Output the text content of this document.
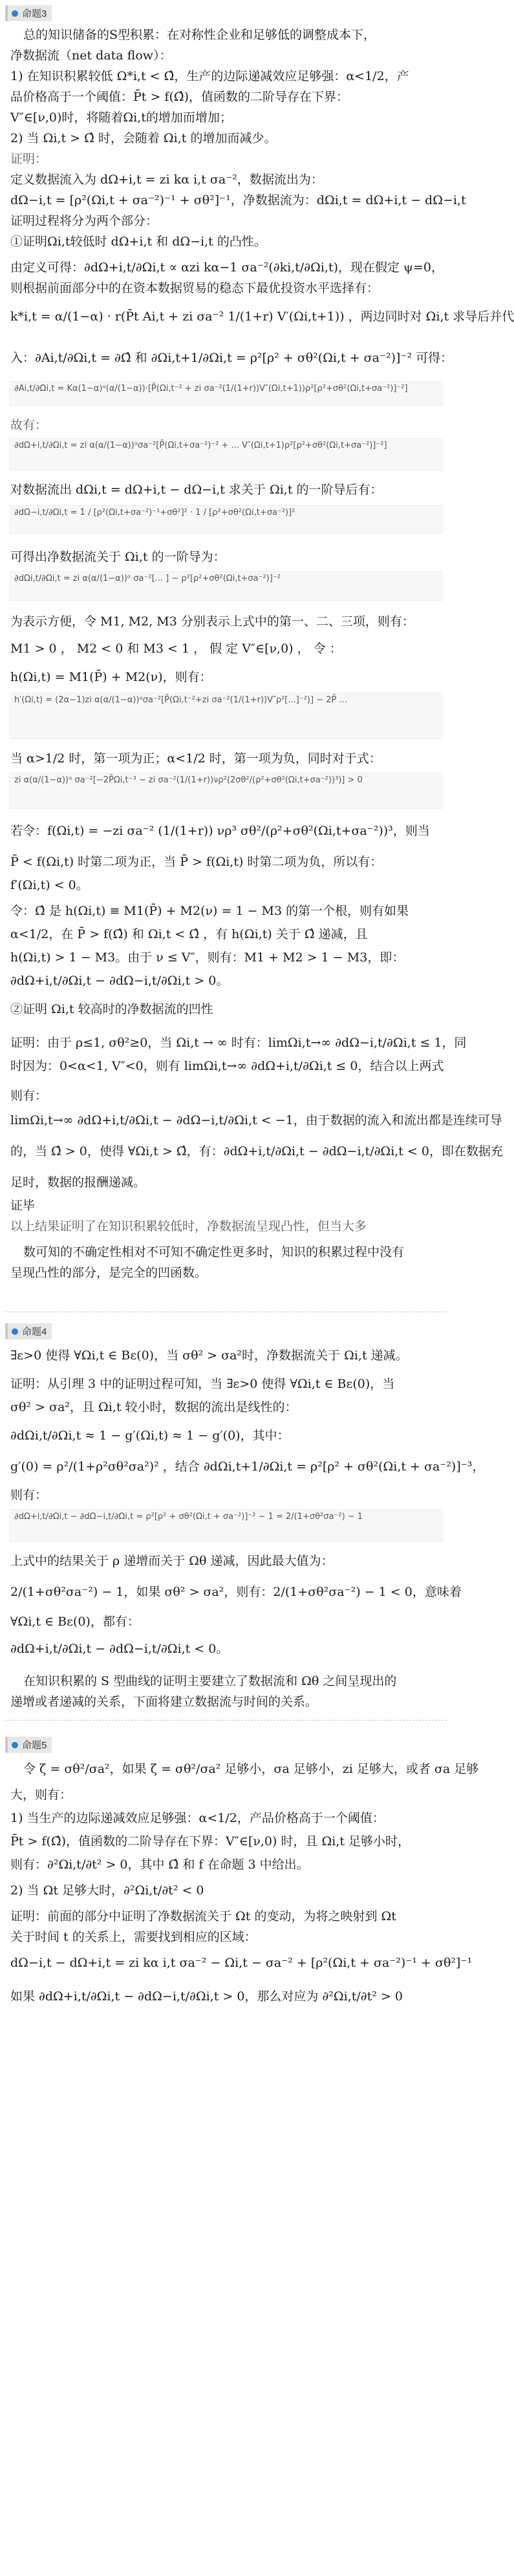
命题3
总的知识储备的S型积累：在对称性企业和足够低的调整成本下，
净数据流（net data flow）：
1) 在知识积累较低 Ω*i,t < Ω̂，生产的边际递减效应足够强：α<1/2，产
品价格高于一个阈值：P̄t > f(Ω̂)，值函数的二阶导存在下界：
V″∈[ν,0)时，将随着Ωi,t的增加而增加；
2) 当 Ωi,t > Ω̂ 时，会随着 Ωi,t 的增加而减少。
证明：
定义数据流入为 dΩ+i,t = zi kα i,t σa⁻²，数据流出为：
dΩ−i,t = [ρ²(Ωi,t + σa⁻²)⁻¹ + σθ²]⁻¹，净数据流为：dΩi,t = dΩ+i,t − dΩ−i,t
证明过程将分为两个部分：
①证明Ωi,t较低时 dΩ+i,t 和 dΩ−i,t 的凸性。
由定义可得：∂dΩ+i,t/∂Ωi,t ∝ αzi kα−1 σa⁻²(∂ki,t/∂Ωi,t)，现在假定 ψ=0，
则根据前面部分中的在资本数据贸易的稳态下最优投资水平选择有：
k*i,t = α/(1−α) · r(P̄t Ai,t + zi σa⁻² 1/(1+r) V′(Ωi,t+1)) ，两边同时对 Ωi,t 求导后并代
入：∂Ai,t/∂Ωi,t = ∂Ω̂ 和 ∂Ωi,t+1/∂Ωi,t = ρ²[ρ² + σθ²(Ωi,t + σa⁻²)]⁻² 可得：
∂Ai,t/∂Ωi,t = Kα(1−α)ᵅ(α/(1−α))·[P̄(Ωi,t⁻² + zi σa⁻²(1/(1+r))V″(Ωi,t+1))ρ²[ρ²+σθ²(Ωi,t+σa⁻²)]⁻²]
故有：
∂dΩ+i,t/∂Ωi,t = zi α(α/(1−α))ᵅσa⁻²[P̄(Ωi,t+σa⁻²)⁻² + ... V″(Ωi,t+1)ρ²[ρ²+σθ²(Ωi,t+σa⁻²)]⁻²]
对数据流出 dΩi,t = dΩ+i,t − dΩ−i,t 求关于 Ωi,t 的一阶导后有：
∂dΩ−i,t/∂Ωi,t = 1 / [ρ²(Ωi,t+σa⁻²)⁻¹+σθ²]² · 1 / [ρ²+σθ²(Ωi,t+σa⁻²)]²
可得出净数据流关于 Ωi,t 的一阶导为：
∂dΩi,t/∂Ωi,t = zi α(α/(1−α))ᵅ σa⁻²[... ] − ρ²[ρ²+σθ²(Ωi,t+σa⁻²)]⁻²
为表示方便，令 M1, M2, M3 分别表示上式中的第一、二、三项，则有：
M1 > 0 ， M2 < 0 和 M3 < 1 ， 假 定 V″∈[ν,0) ， 令 ：
h(Ωi,t) = M1(P̄) + M2(ν)，则有：
h′(Ωi,t) = (2α−1)zi α(α/(1−α))ᵅσa⁻²[P̄(Ωi,t⁻²+zi σa⁻²(1/(1+r))V″ρ²[...]⁻²)] − 2P̄ ...
当 α>1/2 时，第一项为正；α<1/2 时，第一项为负，同时对于式：
zi α(α/(1−α))ᵅ σa⁻²[−2P̄Ωi,t⁻³ − zi σa⁻²(1/(1+r))νρ²(2σθ²/(ρ²+σθ²(Ωi,t+σa⁻²))³)] > 0
若令：f(Ωi,t) = −zi σa⁻² (1/(1+r)) νρ³ σθ²/(ρ²+σθ²(Ωi,t+σa⁻²))³，则当
P̄ < f(Ωi,t) 时第二项为正，当 P̄ > f(Ωi,t) 时第二项为负，所以有：
f′(Ωi,t) < 0。
令：Ω̂ 是 h(Ωi,t) ≡ M1(P̄) + M2(ν) = 1 − M3 的第一个根，则有如果
α<1/2，在 P̄ > f(Ω̂) 和 Ωi,t < Ω̂ ，有 h(Ωi,t) 关于 Ω̂ 递减，且
h(Ωi,t) > 1 − M3。由于 ν ≤ V″，则有：M1 + M2 > 1 − M3，即：
∂dΩ+i,t/∂Ωi,t − ∂dΩ−i,t/∂Ωi,t > 0。
②证明 Ωi,t 较高时的净数据流的凹性
证明：由于 ρ≤1, σθ²≥0，当 Ωi,t → ∞ 时有：limΩi,t→∞ ∂dΩ−i,t/∂Ωi,t ≤ 1，同
时因为：0<α<1, V″<0，则有 limΩi,t→∞ ∂dΩ+i,t/∂Ωi,t ≤ 0，结合以上两式
则有：
limΩi,t→∞ ∂dΩ+i,t/∂Ωi,t − ∂dΩ−i,t/∂Ωi,t < −1，由于数据的流入和流出都是连续可导
的，当 Ω̂ > 0，使得 ∀Ωi,t > Ω̂，有：∂dΩ+i,t/∂Ωi,t − ∂dΩ−i,t/∂Ωi,t < 0，即在数据充
足时，数据的报酬递减。
证毕
以上结果证明了在知识积累较低时，净数据流呈现凸性，但当大多
数可知的不确定性相对不可知不确定性更多时，知识的积累过程中没有
呈现凸性的部分，是完全的凹函数。
命题4
∃ε>0 使得 ∀Ωi,t ∈ Bε(0)，当 σθ² > σa²时，净数据流关于 Ωi,t 递减。
证明：从引理 3 中的证明过程可知，当 ∃ε>0 使得 ∀Ωi,t ∈ Bε(0)，当
σθ² > σa²，且 Ωi,t 较小时，数据的流出是线性的：
∂dΩi,t/∂Ωi,t ≈ 1 − g′(Ωi,t) ≈ 1 − g′(0)，其中：
g′(0) = ρ²/(1+ρ²σθ²σa²)² ，结合 ∂dΩi,t+1/∂Ωi,t = ρ²[ρ² + σθ²(Ωi,t + σa⁻²)]⁻³，
则有：
∂dΩ+i,t/∂Ωi,t − ∂dΩ−i,t/∂Ωi,t ≈ ρ²[ρ² + σθ²(Ωi,t + σa⁻²)]⁻² − 1 = 2/(1+σθ²σa⁻²) − 1
上式中的结果关于 ρ 递增而关于 Ωθ 递减，因此最大值为：
2/(1+σθ²σa⁻²) − 1，如果 σθ² > σa²，则有：2/(1+σθ²σa⁻²) − 1 < 0，意味着
∀Ωi,t ∈ Bε(0)，都有：
∂dΩ+i,t/∂Ωi,t − ∂dΩ−i,t/∂Ωi,t < 0。
在知识积累的 S 型曲线的证明主要建立了数据流和 Ωθ 之间呈现出的
递增或者递减的关系，下面将建立数据流与时间的关系。
命题5
令 ζ = σθ²/σa²，如果 ζ = σθ²/σa² 足够小，σa 足够小，zi 足够大，或者 σa 足够
大，则有：
1) 当生产的边际递减效应足够强：α<1/2，产品价格高于一个阈值：
P̄t > f(Ω̂)，值函数的二阶导存在下界：V″∈[ν,0) 时，且 Ωi,t 足够小时，
则有：∂²Ωi,t/∂t² > 0，其中 Ω̂ 和 f 在命题 3 中给出。
2) 当 Ωt 足够大时，∂²Ωi,t/∂t² < 0
证明：前面的部分中证明了净数据流关于 Ωt 的变动，为将之映射到 Ωt
关于时间 t 的关系上，需要找到相应的区域：
dΩ−i,t − dΩ+i,t = zi kα i,t σa⁻² − Ωi,t − σa⁻² + [ρ²(Ωi,t + σa⁻²)⁻¹ + σθ²]⁻¹
如果 ∂dΩ+i,t/∂Ωi,t − ∂dΩ−i,t/∂Ωi,t > 0，那么对应为 ∂²Ωi,t/∂t² > 0
